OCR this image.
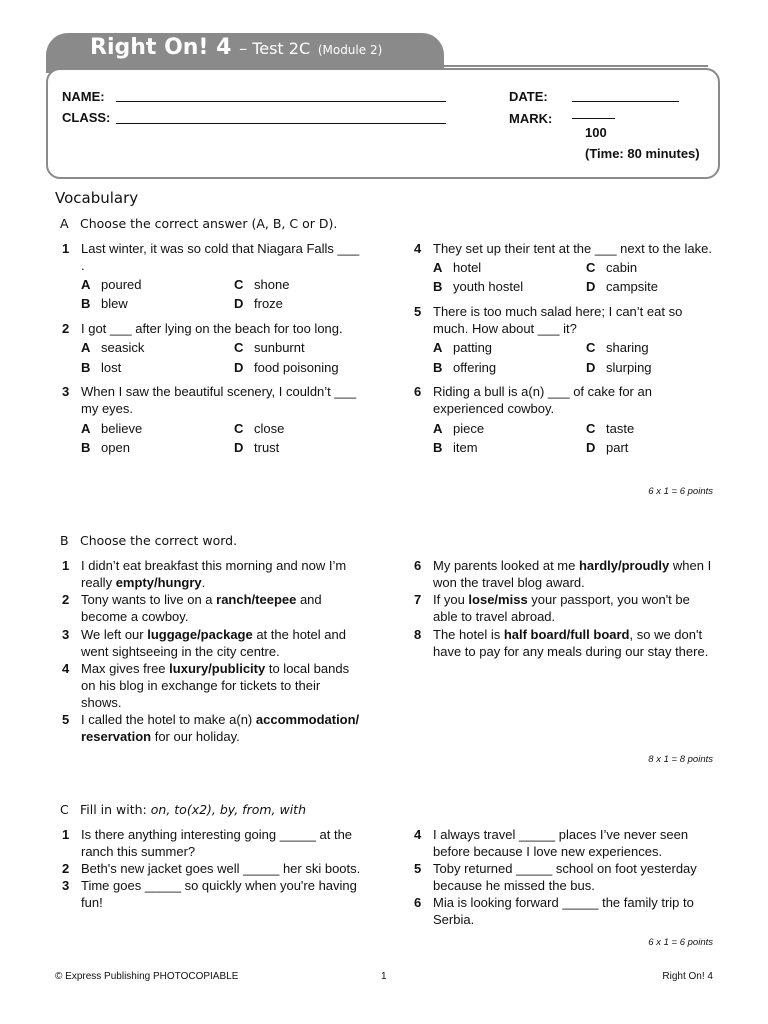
Right On! 4 – Test 2C (Module 2)
NAME:
CLASS:
DATE:
MARK:
100
(Time: 80 minutes)
Vocabulary
A Choose the correct answer (A, B, C or D).
1 Last winter, it was so cold that Niagara Falls ___ .
A poured	C shone
B blew	D froze
2 I got ___ after lying on the beach for too long.
A seasick	C sunburnt
B lost	D food poisoning
3 When I saw the beautiful scenery, I couldn’t ___ my eyes.
A believe	C close
B open	D trust
4 They set up their tent at the ___ next to the lake.
A hotel	C cabin
B youth hostel	D campsite
5 There is too much salad here; I can’t eat so much. How about ___ it?
A patting	C sharing
B offering	D slurping
6 Riding a bull is a(n) ___ of cake for an experienced cowboy.
A piece	C taste
B item	D part
6 x 1 = 6 points
B Choose the correct word.
1 I didn’t eat breakfast this morning and now I’m really empty/hungry.
2 Tony wants to live on a ranch/teepee and become a cowboy.
3 We left our luggage/package at the hotel and went sightseeing in the city centre.
4 Max gives free luxury/publicity to local bands on his blog in exchange for tickets to their shows.
5 I called the hotel to make a(n) accommodation/ reservation for our holiday.
6 My parents looked at me hardly/proudly when I won the travel blog award.
7 If you lose/miss your passport, you won't be able to travel abroad.
8 The hotel is half board/full board, so we don't have to pay for any meals during our stay there.
8 x 1 = 8 points
C Fill in with: on, to(x2), by, from, with
1 Is there anything interesting going _____ at the ranch this summer?
2 Beth's new jacket goes well _____ her ski boots.
3 Time goes _____ so quickly when you're having fun!
4 I always travel _____ places I’ve never seen before because I love new experiences.
5 Toby returned _____ school on foot yesterday because he missed the bus.
6 Mia is looking forward _____ the family trip to Serbia.
6 x 1 = 6 points
© Express Publishing PHOTOCOPIABLE	1	Right On! 4
